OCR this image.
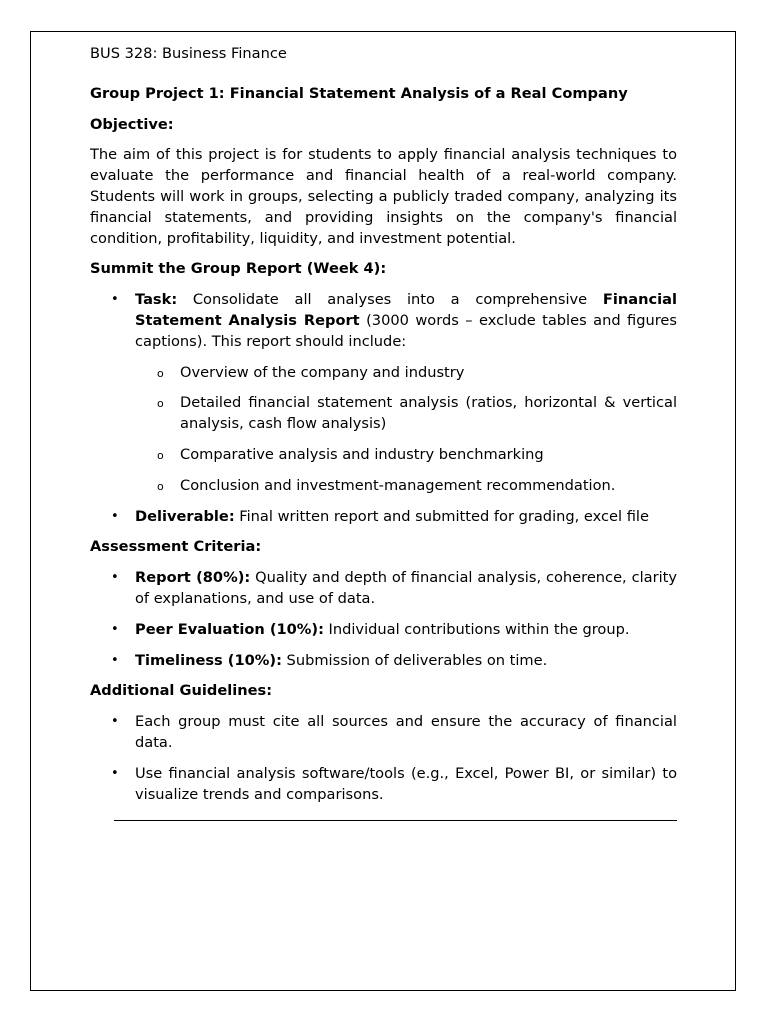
BUS 328: Business Finance

Group Project 1: Financial Statement Analysis of a Real Company

Objective:

The aim of this project is for students to apply financial analysis techniques to evaluate the performance and financial health of a real-world company. Students will work in groups, selecting a publicly traded company, analyzing its financial statements, and providing insights on the company's financial condition, profitability, liquidity, and investment potential.

Summit the Group Report (Week 4):

• Task: Consolidate all analyses into a comprehensive Financial Statement Analysis Report (3000 words – exclude tables and figures captions). This report should include:
o Overview of the company and industry
o Detailed financial statement analysis (ratios, horizontal & vertical analysis, cash flow analysis)
o Comparative analysis and industry benchmarking
o Conclusion and investment-management recommendation.
• Deliverable: Final written report and submitted for grading, excel file

Assessment Criteria:

• Report (80%): Quality and depth of financial analysis, coherence, clarity of explanations, and use of data.
• Peer Evaluation (10%): Individual contributions within the group.
• Timeliness (10%): Submission of deliverables on time.

Additional Guidelines:

• Each group must cite all sources and ensure the accuracy of financial data.
• Use financial analysis software/tools (e.g., Excel, Power BI, or similar) to visualize trends and comparisons.
